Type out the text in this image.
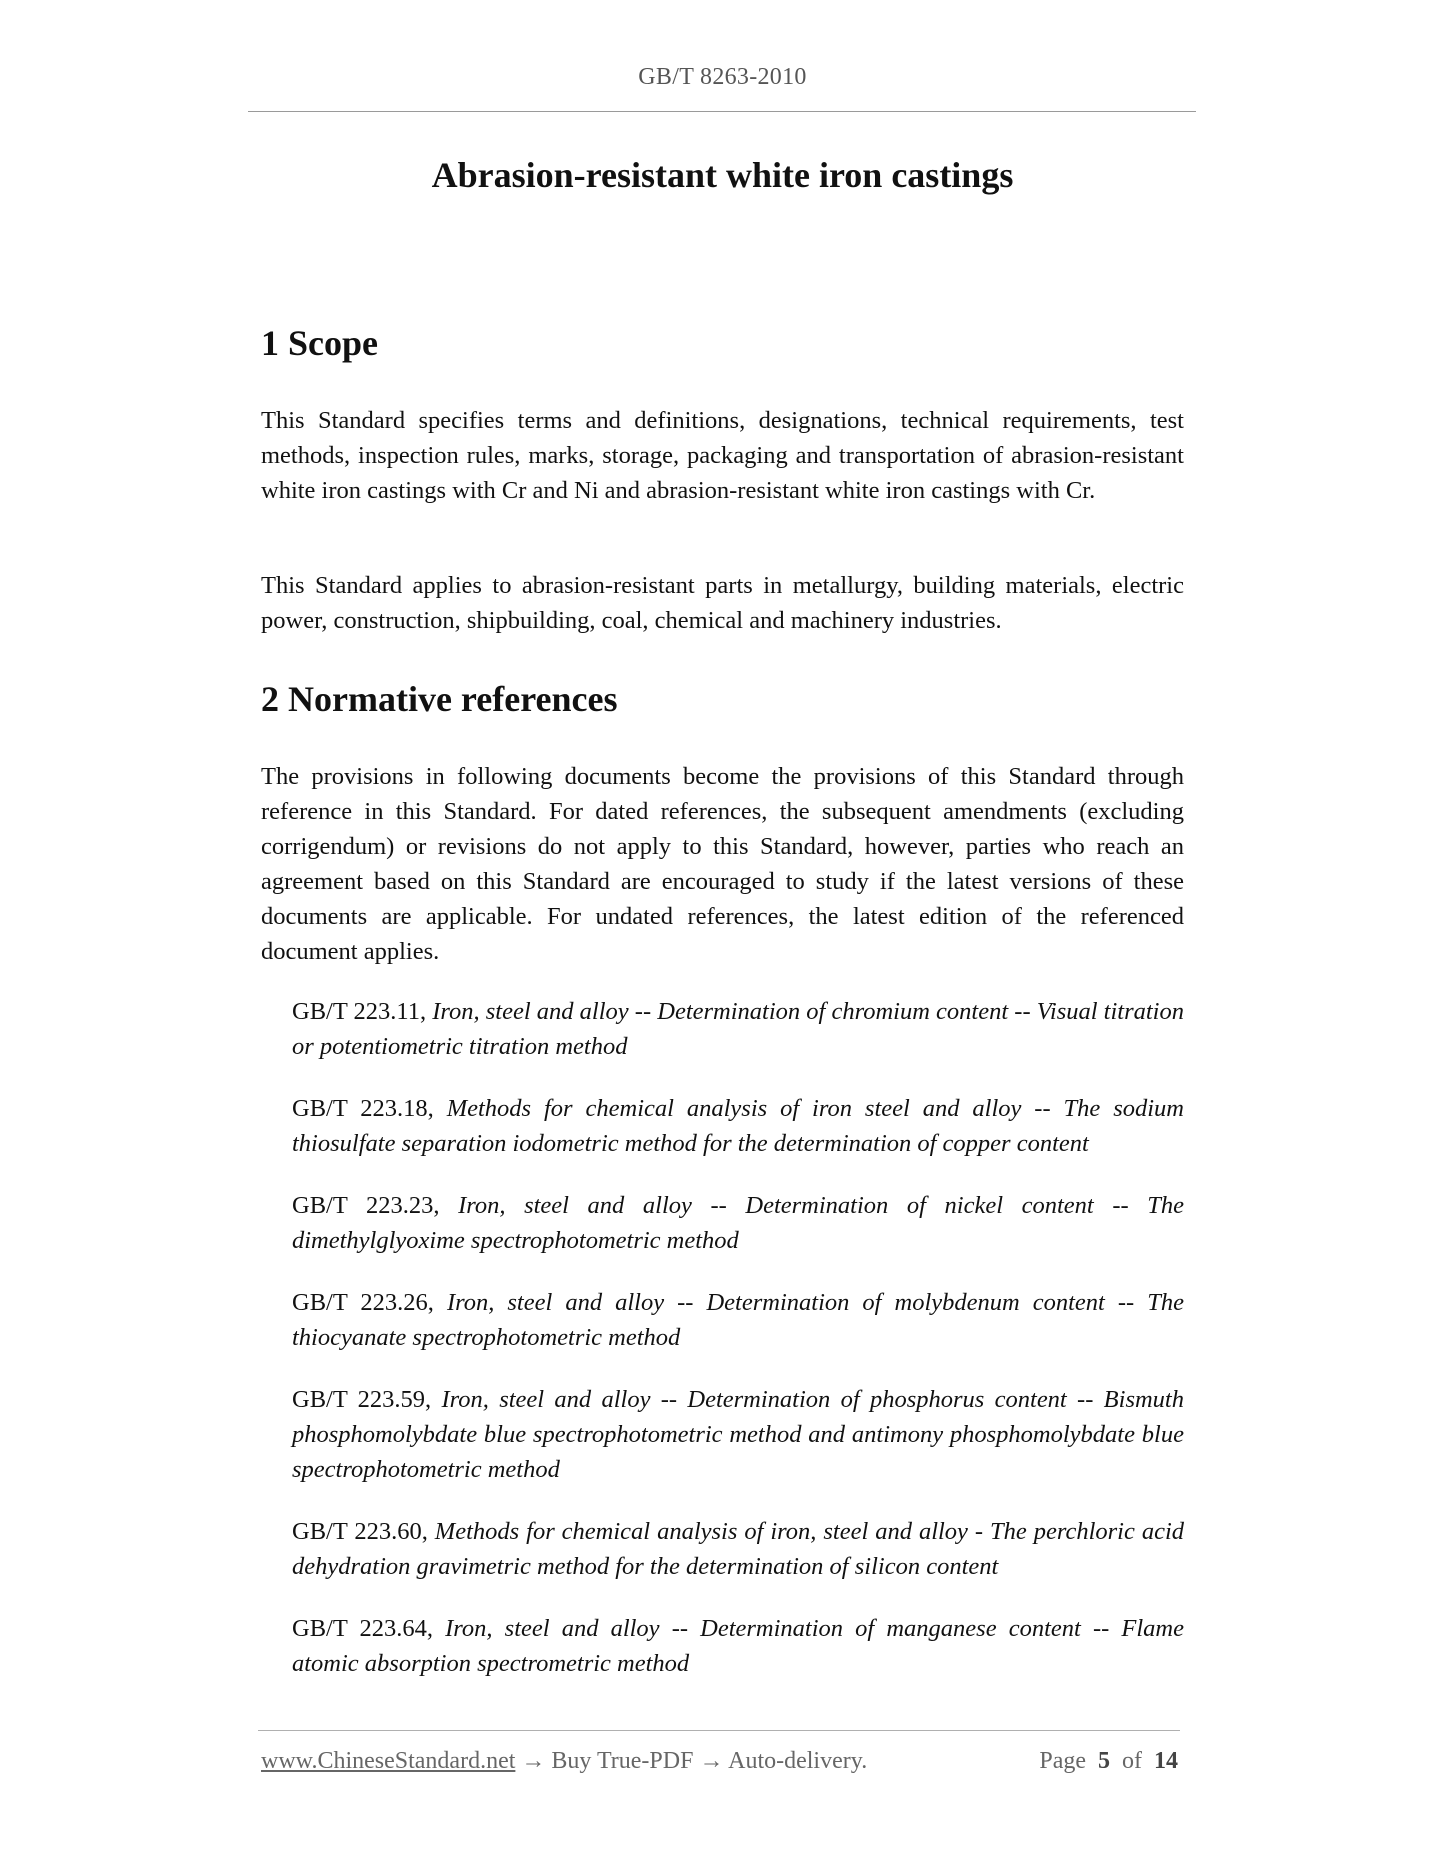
GB/T 8263-2010
Abrasion-resistant white iron castings
1 Scope

This Standard specifies terms and definitions, designations, technical requirements, test methods, inspection rules, marks, storage, packaging and transportation of abrasion-resistant white iron castings with Cr and Ni and abrasion-resistant white iron castings with Cr.

This Standard applies to abrasion-resistant parts in metallurgy, building materials, electric power, construction, shipbuilding, coal, chemical and machinery industries.

2 Normative references

The provisions in following documents become the provisions of this Standard through reference in this Standard. For dated references, the subsequent amendments (excluding corrigendum) or revisions do not apply to this Standard, however, parties who reach an agreement based on this Standard are encouraged to study if the latest versions of these documents are applicable. For undated references, the latest edition of the referenced document applies.

GB/T 223.11, Iron, steel and alloy -- Determination of chromium content -- Visual titration or potentiometric titration method

GB/T 223.18, Methods for chemical analysis of iron steel and alloy -- The sodium thiosulfate separation iodometric method for the determination of copper content

GB/T 223.23, Iron, steel and alloy -- Determination of nickel content -- The dimethylglyoxime spectrophotometric method

GB/T 223.26, Iron, steel and alloy -- Determination of molybdenum content -- The thiocyanate spectrophotometric method

GB/T 223.59, Iron, steel and alloy -- Determination of phosphorus content -- Bismuth phosphomolybdate blue spectrophotometric method and antimony phosphomolybdate blue spectrophotometric method

GB/T 223.60, Methods for chemical analysis of iron, steel and alloy - The perchloric acid dehydration gravimetric method for the determination of silicon content

GB/T 223.64, Iron, steel and alloy -- Determination of manganese content -- Flame atomic absorption spectrometric method

www.ChineseStandard.net → Buy True-PDF → Auto-delivery.	Page 5 of 14
